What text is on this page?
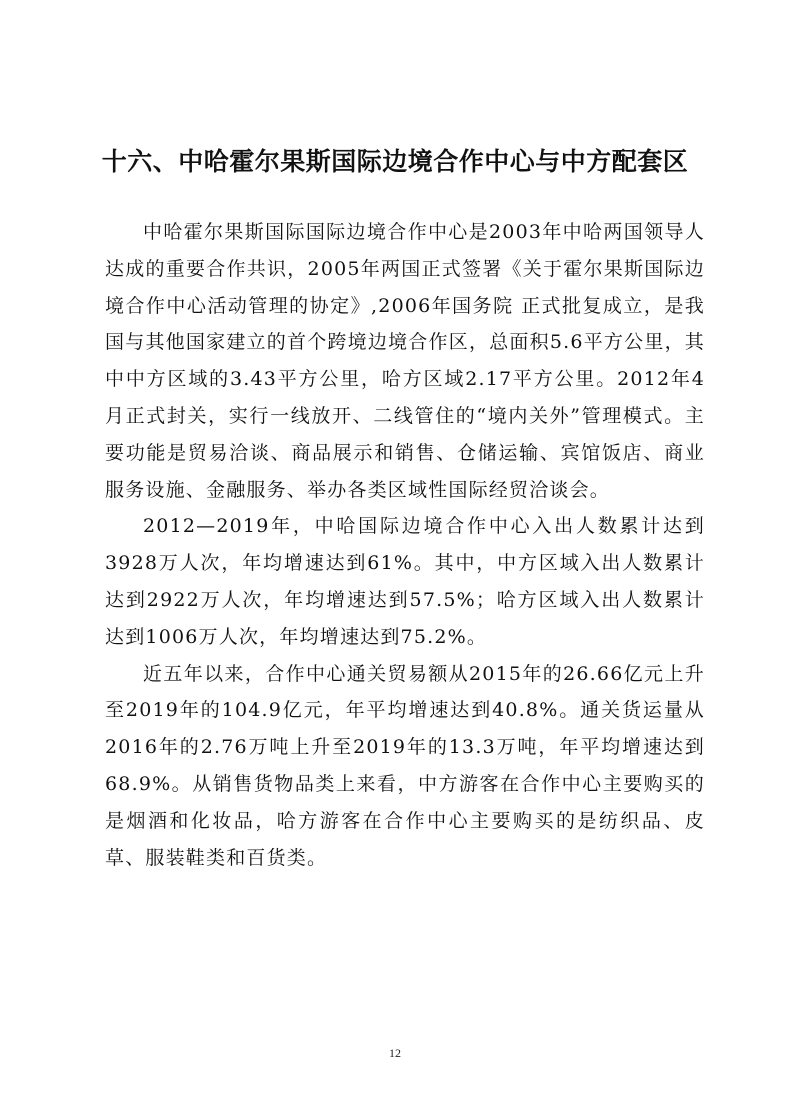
十六、中哈霍尔果斯国际边境合作中心与中方配套区

中哈霍尔果斯国际国际边境合作中心是2003年中哈两国领导人达成的重要合作共识，2005年两国正式签署《关于霍尔果斯国际边境合作中心活动管理的协定》,2006年国务院 正式批复成立，是我国与其他国家建立的首个跨境边境合作区，总面积5.6平方公里，其中中方区域的3.43平方公里，哈方区域2.17平方公里。2012年4月正式封关，实行一线放开、二线管住的“境内关外”管理模式。主要功能是贸易洽谈、商品展示和销售、仓储运输、宾馆饭店、商业服务设施、金融服务、举办各类区域性国际经贸洽谈会。

2012—2019年，中哈国际边境合作中心入出人数累计达到3928万人次，年均增速达到61%。其中，中方区域入出人数累计达到2922万人次，年均增速达到57.5%；哈方区域入出人数累计达到1006万人次，年均增速达到75.2%。

近五年以来，合作中心通关贸易额从2015年的26.66亿元上升至2019年的104.9亿元，年平均增速达到40.8%。通关货运量从2016年的2.76万吨上升至2019年的13.3万吨，年平均增速达到68.9%。从销售货物品类上来看，中方游客在合作中心主要购买的是烟酒和化妆品，哈方游客在合作中心主要购买的是纺织品、皮草、服装鞋类和百货类。

12
